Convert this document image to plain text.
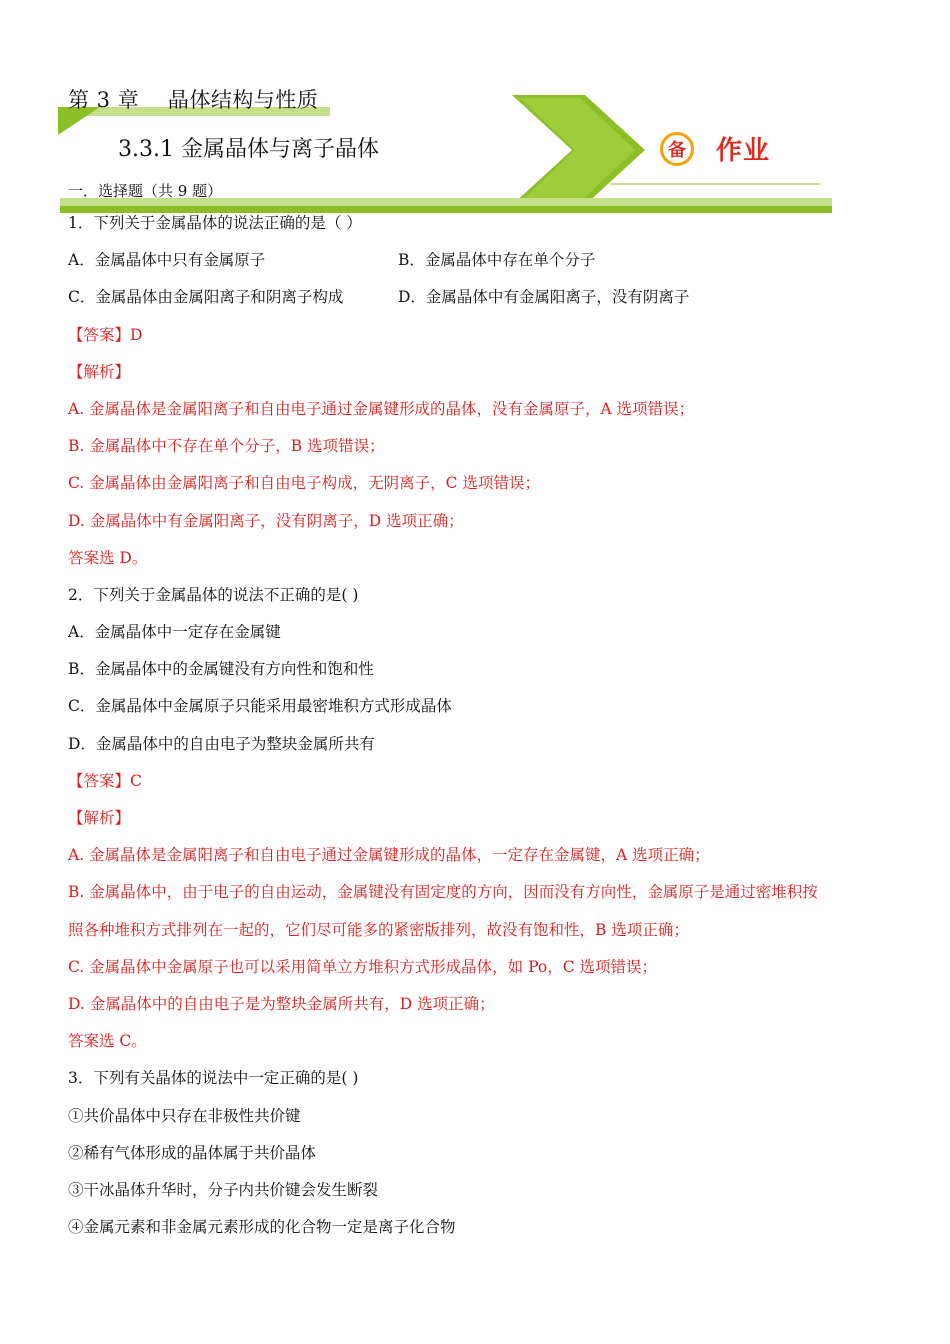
第 3 章    晶体结构与性质
3.3.1 金属晶体与离子晶体	备	作业
一．选择题（共 9 题）
1．下列关于金属晶体的说法正确的是（ ）
A．金属晶体中只有金属原子	B．金属晶体中存在单个分子
C．金属晶体由金属阳离子和阴离子构成	D．金属晶体中有金属阳离子，没有阴离子
【答案】D
【解析】
A. 金属晶体是金属阳离子和自由电子通过金属键形成的晶体，没有金属原子，A 选项错误；
B. 金属晶体中不存在单个分子，B 选项错误；
C. 金属晶体由金属阳离子和自由电子构成，无阴离子，C 选项错误；
D. 金属晶体中有金属阳离子，没有阴离子，D 选项正确；
答案选 D。
2．下列关于金属晶体的说法不正确的是( )
A．金属晶体中一定存在金属键
B．金属晶体中的金属键没有方向性和饱和性
C．金属晶体中金属原子只能采用最密堆积方式形成晶体
D．金属晶体中的自由电子为整块金属所共有
【答案】C
【解析】
A. 金属晶体是金属阳离子和自由电子通过金属键形成的晶体，一定存在金属键，A 选项正确；
B. 金属晶体中，由于电子的自由运动，金属键没有固定度的方向，因而没有方向性，金属原子是通过密堆积按
照各种堆积方式排列在一起的，它们尽可能多的紧密版排列，故没有饱和性，B 选项正确；
C. 金属晶体中金属原子也可以采用简单立方堆积方式形成晶体，如 Po，C 选项错误；
D. 金属晶体中的自由电子是为整块金属所共有，D 选项正确；
答案选 C。
3．下列有关晶体的说法中一定正确的是( )
①共价晶体中只存在非极性共价键
②稀有气体形成的晶体属于共价晶体
③干冰晶体升华时，分子内共价键会发生断裂
④金属元素和非金属元素形成的化合物一定是离子化合物
